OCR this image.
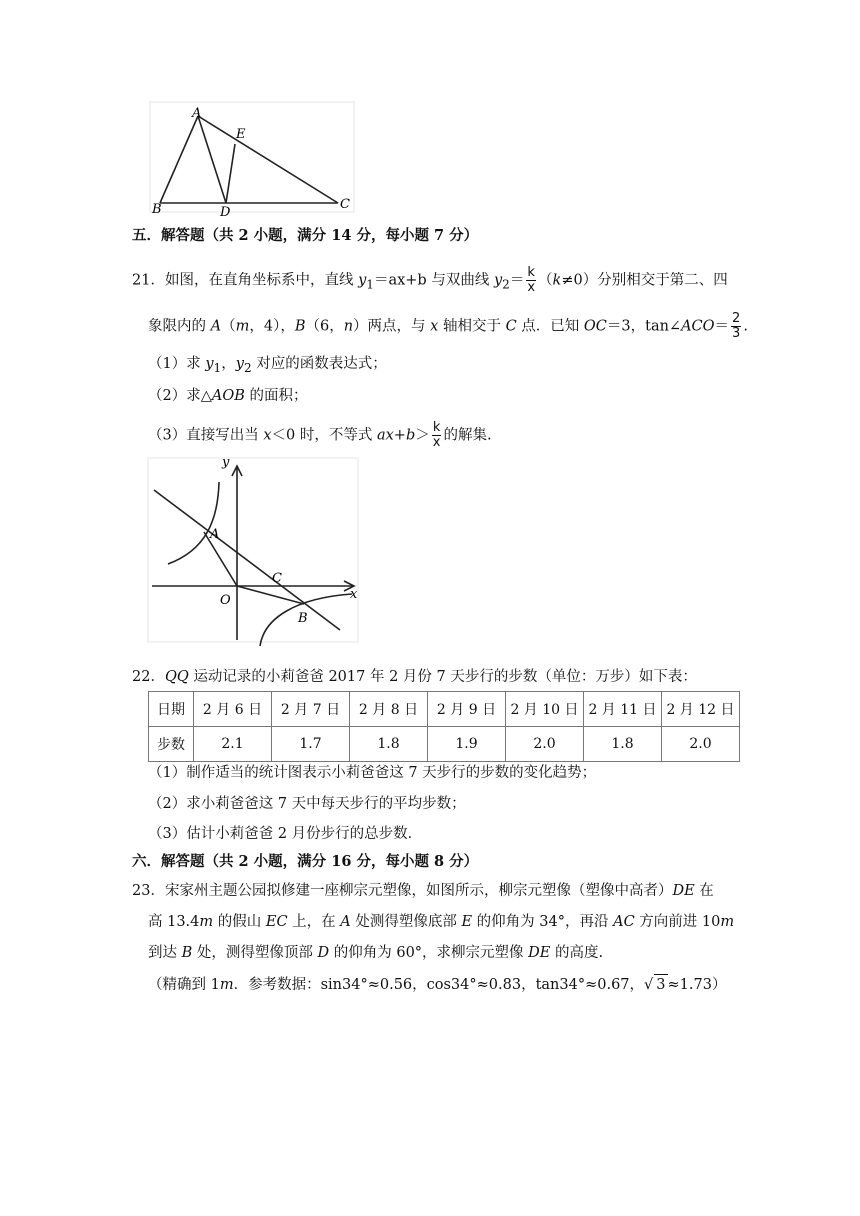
A
E
B	D
C
五．解答题（共 2 小题，满分 14 分，每小题 7 分）
21．如图，在直角坐标系中，直线 $y_1=ax+b$ 与双曲线 $y_2= \frac{k}{x} (k\ne 0)$分别相交于第二、四
象限内的 A（m，4），B（6，n）两点，与 x 轴相交于 C 点．已知 OC＝3，tan∠ACO＝ $\frac{2}{3}$ .
（1）求 $y_1$，$y_2$ 对应的函数表达式；
（2）求△AOB 的面积；
（3）直接写出当 x＜0 时，不等式 $ax+b> \frac{k}{x}$ 的解集.
y
x
A
C
O
B
22．QQ 运动记录的小莉爸爸 2017 年 2 月份 7 天步行的步数（单位：万步）如下表：
日期	2 月 6 日	2 月 7 日	2 月 8 日	2 月 9 日	2 月 10 日	2 月 11 日	2 月 12 日
步数	2.1	1.7	1.8	1.9	2.0	1.8	2.0
（1）制作适当的统计图表示小莉爸爸这 7 天步行的步数的变化趋势；
（2）求小莉爸爸这 7 天中每天步行的平均步数；
（3）估计小莉爸爸 2 月份步行的总步数．
六．解答题（共 2 小题，满分 16 分，每小题 8 分）
23．宋家州主题公园拟修建一座柳宗元塑像，如图所示，柳宗元塑像（塑像中高者）DE 在
高 13.4m 的假山 EC 上，在 A 处测得塑像底部 E 的仰角为 34°，再沿 AC 方向前进 10m
到达 B 处，测得塑像顶部 D 的仰角为 60°，求柳宗元塑像 DE 的高度.
（精确到 1m．参考数据：sin34°≈0.56，cos34°≈0.83，tan34°≈0.67，√ 3 ≈1.73）
